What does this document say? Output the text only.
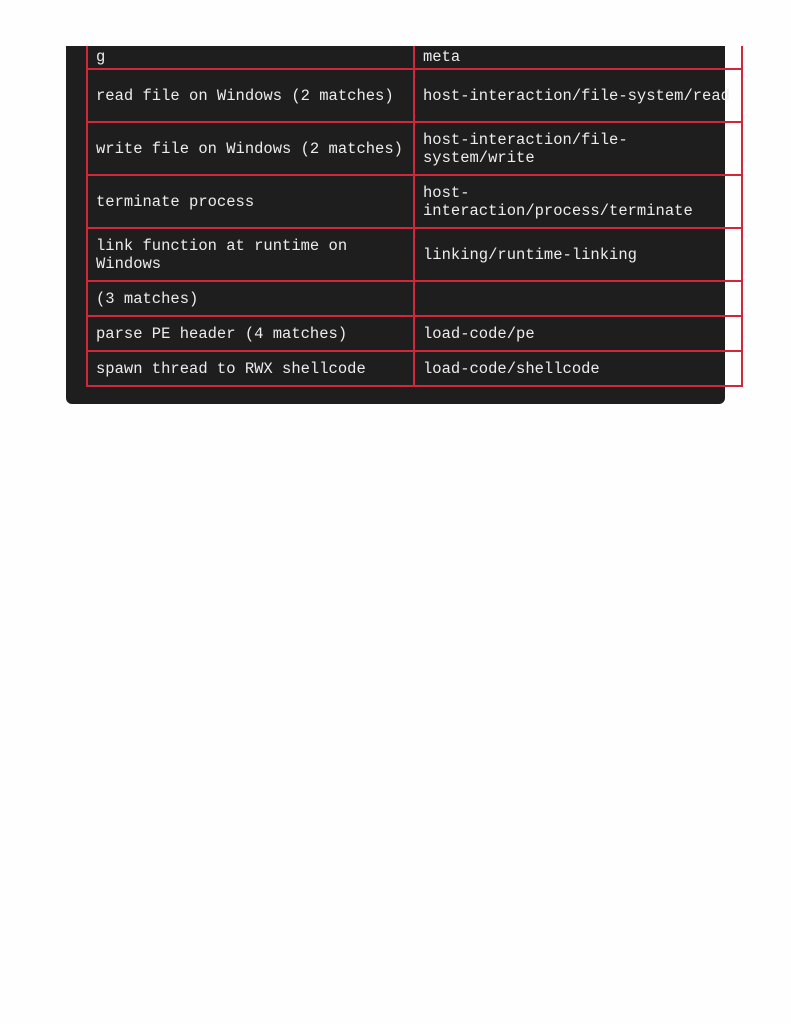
g	meta

read file on Windows (2 matches)	host-interaction/file-system/read
write file on Windows (2 matches)	host-interaction/file-system/write
terminate process	host-interaction/process/terminate
link function at runtime on Windows	linking/runtime-linking
(3 matches)	
parse PE header (4 matches)	load-code/pe
spawn thread to RWX shellcode	load-code/shellcode
